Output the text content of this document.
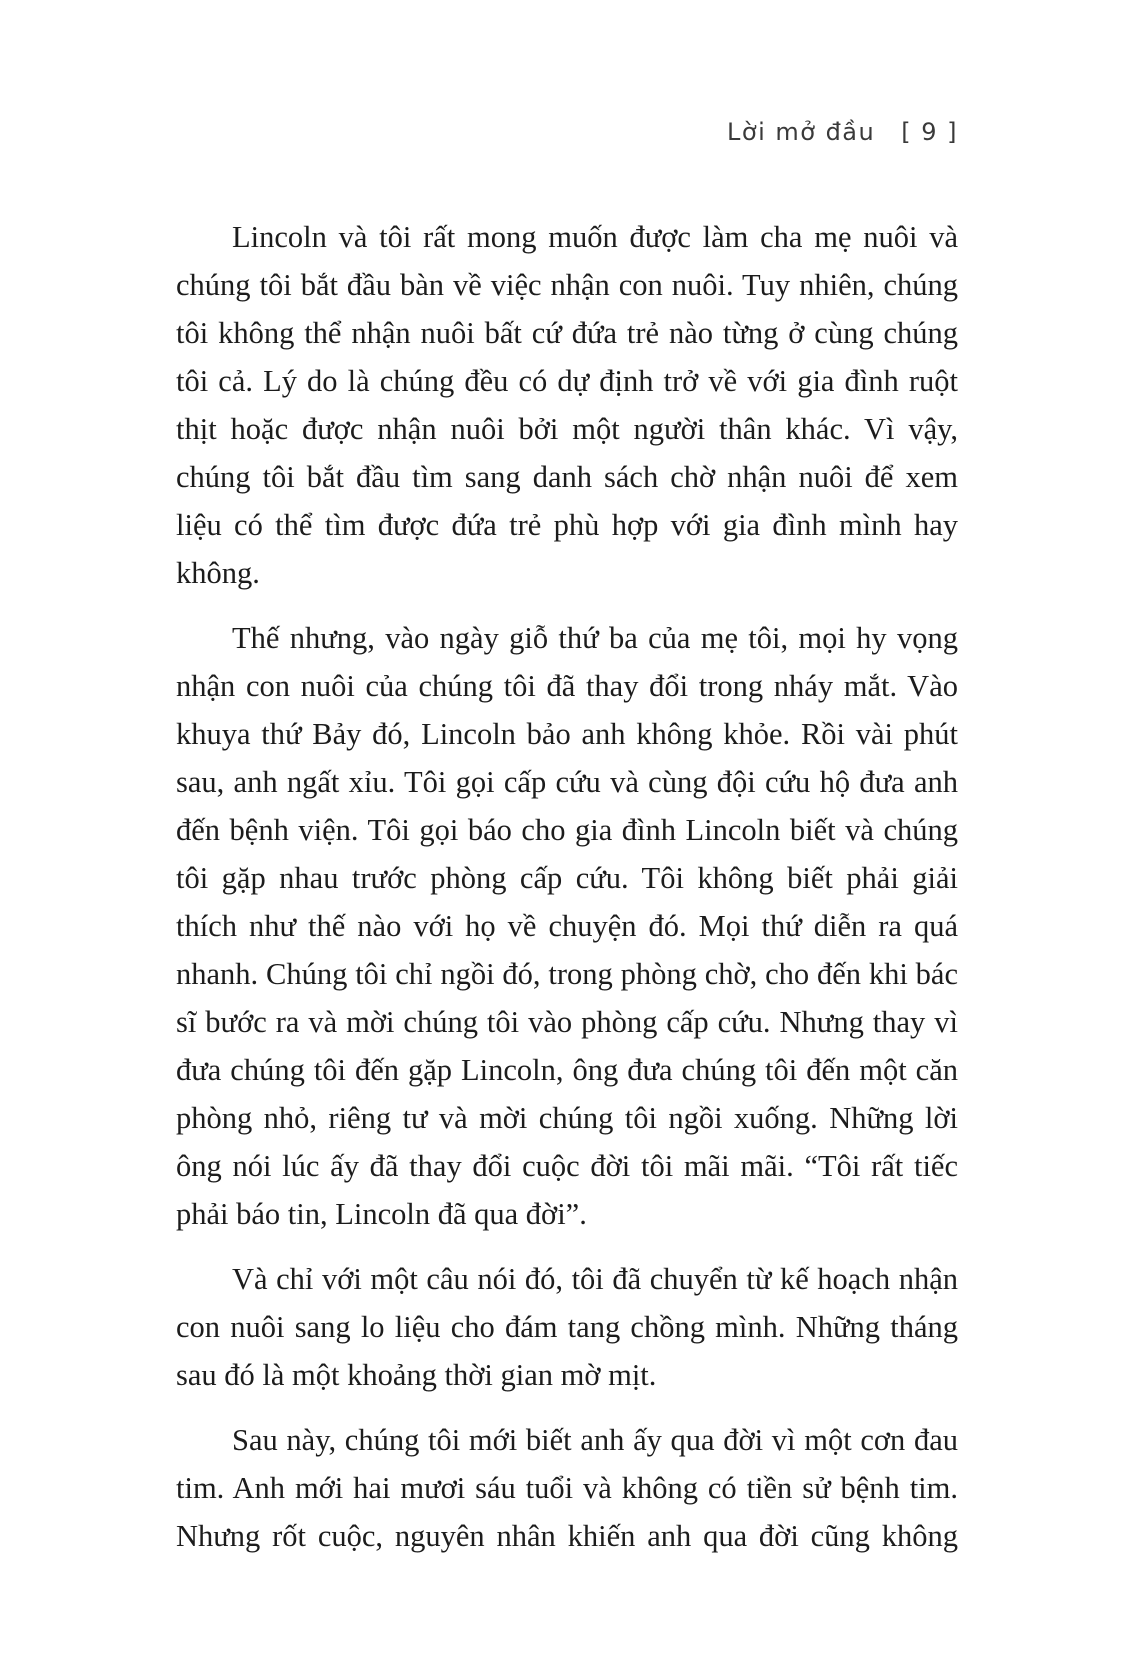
Lời mở đầu [ 9 ]

Lincoln và tôi rất mong muốn được làm cha mẹ nuôi và chúng tôi bắt đầu bàn về việc nhận con nuôi. Tuy nhiên, chúng tôi không thể nhận nuôi bất cứ đứa trẻ nào từng ở cùng chúng tôi cả. Lý do là chúng đều có dự định trở về với gia đình ruột thịt hoặc được nhận nuôi bởi một người thân khác. Vì vậy, chúng tôi bắt đầu tìm sang danh sách chờ nhận nuôi để xem liệu có thể tìm được đứa trẻ phù hợp với gia đình mình hay không.

Thế nhưng, vào ngày giỗ thứ ba của mẹ tôi, mọi hy vọng nhận con nuôi của chúng tôi đã thay đổi trong nháy mắt. Vào khuya thứ Bảy đó, Lincoln bảo anh không khỏe. Rồi vài phút sau, anh ngất xỉu. Tôi gọi cấp cứu và cùng đội cứu hộ đưa anh đến bệnh viện. Tôi gọi báo cho gia đình Lincoln biết và chúng tôi gặp nhau trước phòng cấp cứu. Tôi không biết phải giải thích như thế nào với họ về chuyện đó. Mọi thứ diễn ra quá nhanh. Chúng tôi chỉ ngồi đó, trong phòng chờ, cho đến khi bác sĩ bước ra và mời chúng tôi vào phòng cấp cứu. Nhưng thay vì đưa chúng tôi đến gặp Lincoln, ông đưa chúng tôi đến một căn phòng nhỏ, riêng tư và mời chúng tôi ngồi xuống. Những lời ông nói lúc ấy đã thay đổi cuộc đời tôi mãi mãi. “Tôi rất tiếc phải báo tin, Lincoln đã qua đời”.

Và chỉ với một câu nói đó, tôi đã chuyển từ kế hoạch nhận con nuôi sang lo liệu cho đám tang chồng mình. Những tháng sau đó là một khoảng thời gian mờ mịt.

Sau này, chúng tôi mới biết anh ấy qua đời vì một cơn đau tim. Anh mới hai mươi sáu tuổi và không có tiền sử bệnh tim. Nhưng rốt cuộc, nguyên nhân khiến anh qua đời cũng không
